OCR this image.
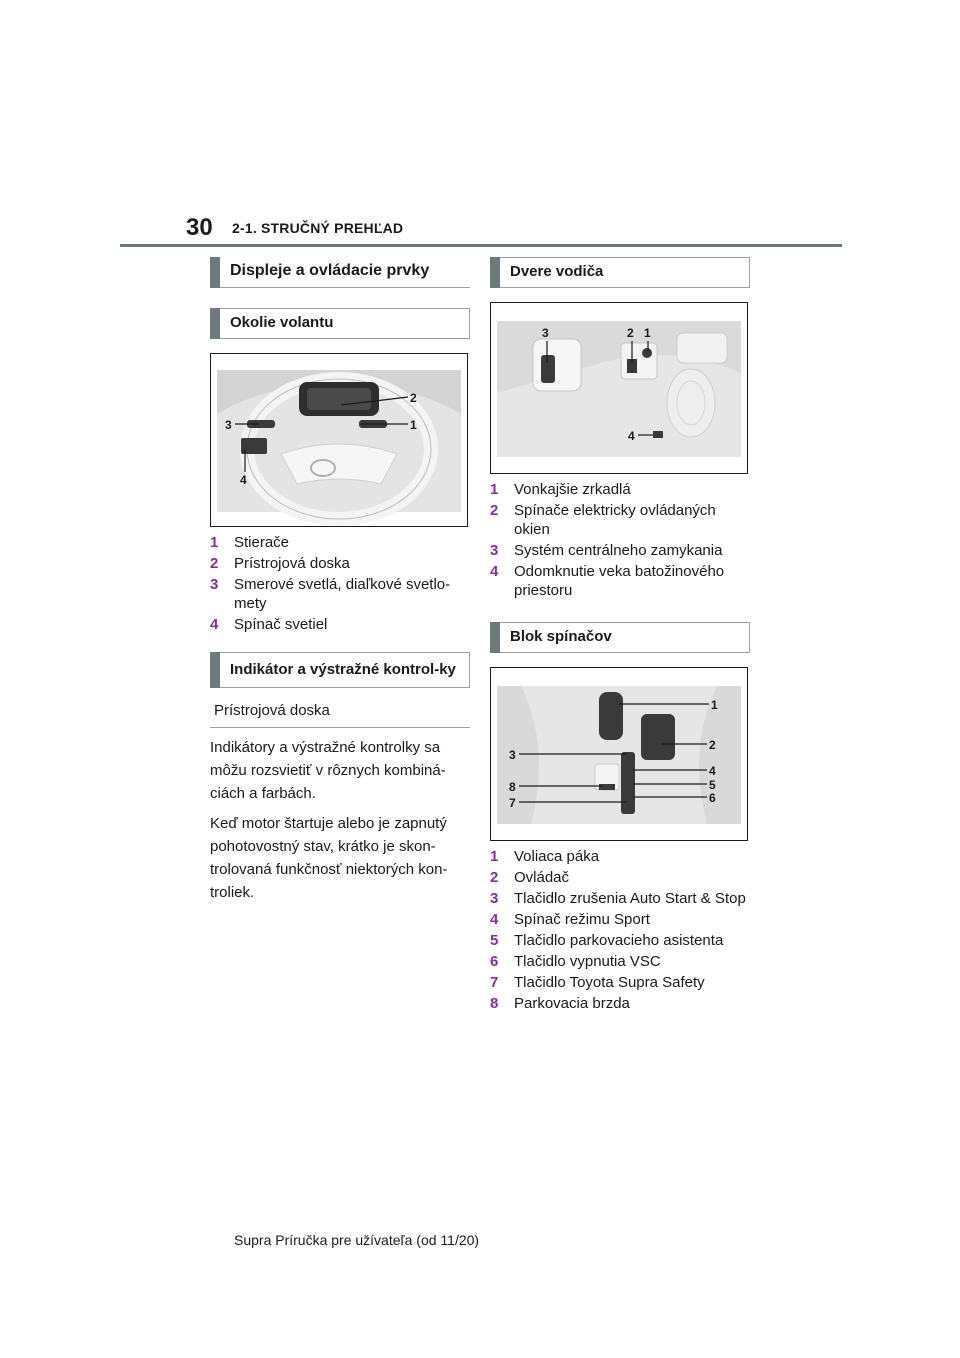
30 2-1. STRUČNÝ PREHĽAD
Displeje a ovládacie prvky
Okolie volantu
2
1
3
4
1	Stierače
2	Prístrojová doska
3	Smerové svetlá, diaľkové svetlo-mety
4	Spínač svetiel
Indikátor a výstražné kontrol-ky
Prístrojová doska

Indikátory a výstražné kontrolky sa môžu rozsvietiť v rôznych kombiná-ciách a farbách.

Keď motor štartuje alebo je zapnutý pohotovostný stav, krátko je skon-trolovaná funkčnosť niektorých kon-troliek.

Dvere vodiča
3	2 1
4
1	Vonkajšie zrkadlá
2	Spínače elektricky ovládaných okien
3	Systém centrálneho zamykania
4	Odomknutie veka batožinového priestoru
Blok spínačov
1
2
3
4
5
6
7
8
1	Voliaca páka
2	Ovládač
3	Tlačidlo zrušenia Auto Start & Stop
4	Spínač režimu Sport
5	Tlačidlo parkovacieho asistenta
6	Tlačidlo vypnutia VSC
7	Tlačidlo Toyota Supra Safety
8	Parkovacia brzda
Supra Príručka pre užívateľa (od 11/20)
